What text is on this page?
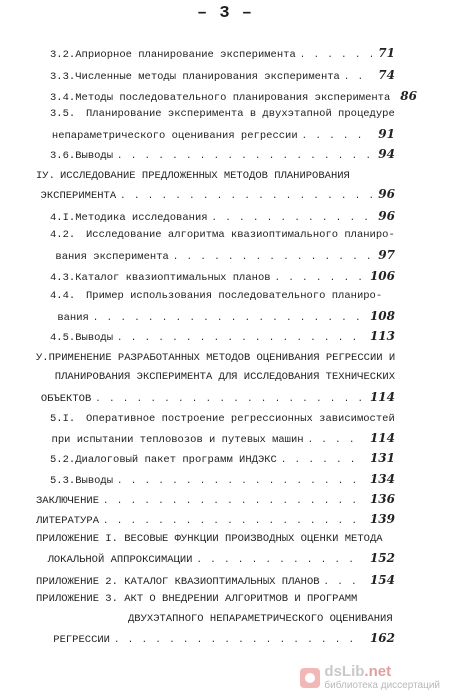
– 3 –
3.2. Априорное планирование эксперимента . . .	71
3.3. Численные методы планирования эксперимента . . .	74
3.4. Методы последовательного планирования эксперимента 86
3.5.	Планирование эксперимента в двухэтапной процедуре
непараметрического оценивания регрессии . . .	91
3.6. Выводы . . .	94
IУ. ИССЛЕДОВАНИЕ ПРЕДЛОЖЕННЫХ МЕТОДОВ ПЛАНИРОВАНИЯ
ЭКСПЕРИМЕНТА . . .	96
4.I. Методика исследования . . .	96
4.2.	Исследование алгоритма квазиоптимального планиро-
вания эксперимента . . .	97
4.3. Каталог квазиоптимальных планов . . .	106
4.4.	Пример использования последовательного планиро-
вания . . .	108
4.5. Выводы . . .	113
У. ПРИМЕНЕНИЕ РАЗРАБОТАННЫХ МЕТОДОВ ОЦЕНИВАНИЯ РЕГРЕССИИ И
ПЛАНИРОВАНИЯ ЭКСПЕРИМЕНТА ДЛЯ ИССЛЕДОВАНИЯ ТЕХНИЧЕСКИХ
ОБЪЕКТОВ . . .	114
5.I.	Оперативное построение регрессионных зависимостей
при испытании тепловозов и путевых машин . . .	114
5.2. Диалоговый пакет программ ИНДЭКС . . .	131
5.3. Выводы . . .	134
ЗАКЛЮЧЕНИЕ . . .	136
ЛИТЕРАТУРА . . .	139
ПРИЛОЖЕНИЕ I. ВЕСОВЫЕ ФУНКЦИИ ПРОИЗВОДНЫХ ОЦЕНКИ МЕТОДА
ЛОКАЛЬНОЙ АППРОКСИМАЦИИ . . .	152
ПРИЛОЖЕНИЕ 2. КАТАЛОГ КВАЗИОПТИМАЛЬНЫХ ПЛАНОВ . . .	154
ПРИЛОЖЕНИЕ 3. АКТ О ВНЕДРЕНИИ АЛГОРИТМОВ И ПРОГРАММ
ДВУХЭТАПНОГО НЕПАРАМЕТРИЧЕСКОГО ОЦЕНИВАНИЯ
РЕГРЕССИИ . . .	162
dsLib.net
библиотека диссертаций
